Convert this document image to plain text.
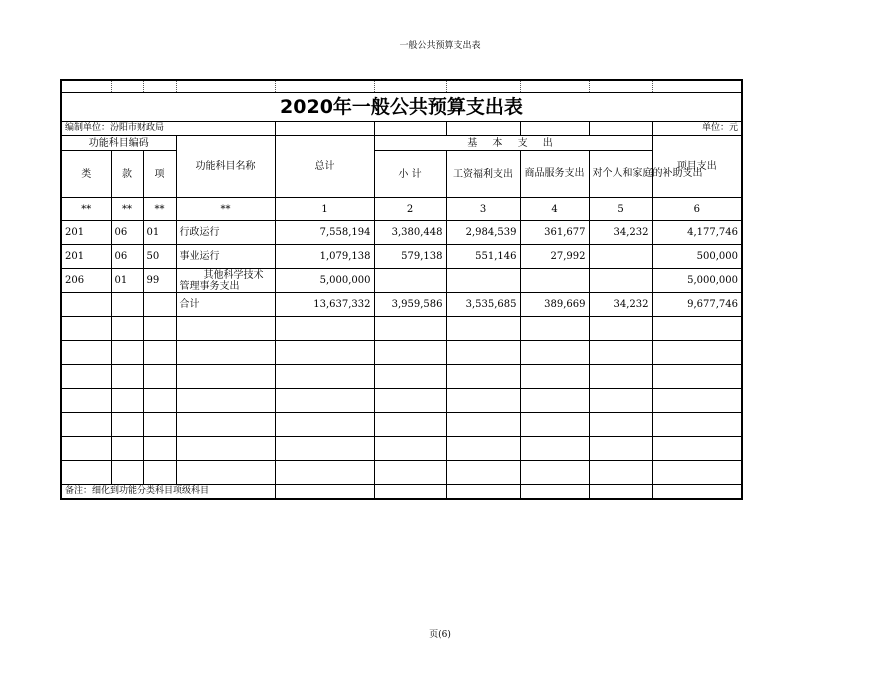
一般公共预算支出表

2020年一般公共预算支出表									
编制单位：汾阳市财政局									单位：元
功能科目编码			功能科目名称	总计	基 本 支 出				项目支出
类	款	项			小 计	工资福利支出	商品服务支出	对个人和家庭的补助支出	
**	**	**	**	1	2	3	4	5	6
201	06	01	行政运行	7,558,194	3,380,448	2,984,539	361,677	34,232	4,177,746
201	06	50	事业运行	1,079,138	579,138	551,146	27,992		500,000
206	01	99	其他科学技术管理事务支出	5,000,000					5,000,000
			合计	13,637,332	3,959,586	3,535,685	389,669	34,232	9,677,746

备注：细化到功能分类科目项级科目									
页(6)
